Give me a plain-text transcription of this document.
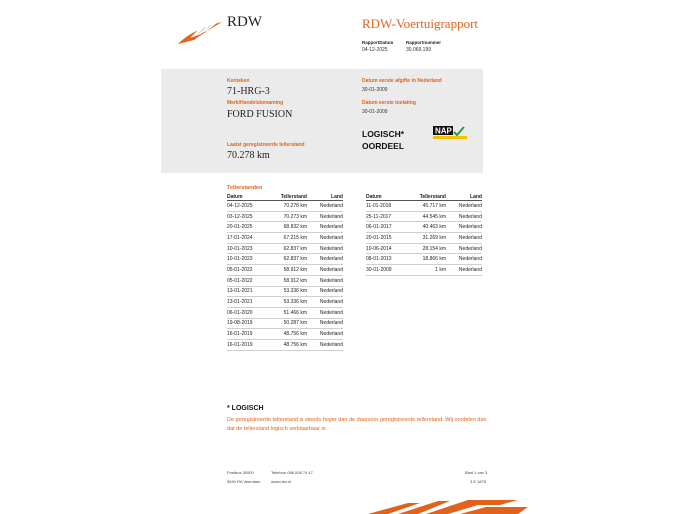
RDW	RDW-Voertuigrapport
RapportDatum
04-12-2025
Rapportnummer
30.069.199
Kenteken
71-HRG-3
Merk/Handelsbenaming
FORD FUSION
Laatst geregistreerde tellerstand
70.278 km
Datum eerste afgifte in Nederland
30-01-2009
Datum eerste toelating
30-01-2009
LOGISCH*
OORDEEL
NAP
Tellerstanden
Datum	Tellerstand	Land
04-12-2025	70.278 km	Nederland
03-12-2025	70.273 km	Nederland
20-01-2025	68.832 km	Nederland
17-01-2024	67.215 km	Nederland
10-01-2023	62.837 km	Nederland
10-01-2023	62.837 km	Nederland
05-01-2022	58.912 km	Nederland
05-01-2022	58.912 km	Nederland
13-01-2021	53.336 km	Nederland
13-01-2021	53.336 km	Nederland
06-01-2020	51.466 km	Nederland
19-08-2019	50.287 km	Nederland
16-01-2019	48.756 km	Nederland
16-01-2019	48.756 km	Nederland
Datum	Tellerstand	Land
11-01-2018	45.717 km	Nederland
25-11-2017	44.545 km	Nederland
06-01-2017	40.463 km	Nederland
20-01-2015	31.269 km	Nederland
10-06-2014	28.154 km	Nederland
08-01-2013	18.866 km	Nederland
30-01-2009	1 km	Nederland
* LOGISCH
De geregistreerde tellerstand is steeds hoger dan de daarvoor geregistreerde tellerstand. Wij oordelen dan dat de tellerstand logisch verklaarbaar is.
Postbus 30000
9640 RA Veendam
Telefoon 088 008 74 47
www.rdw.nl
Blad 1 van 3
3 E 1878
